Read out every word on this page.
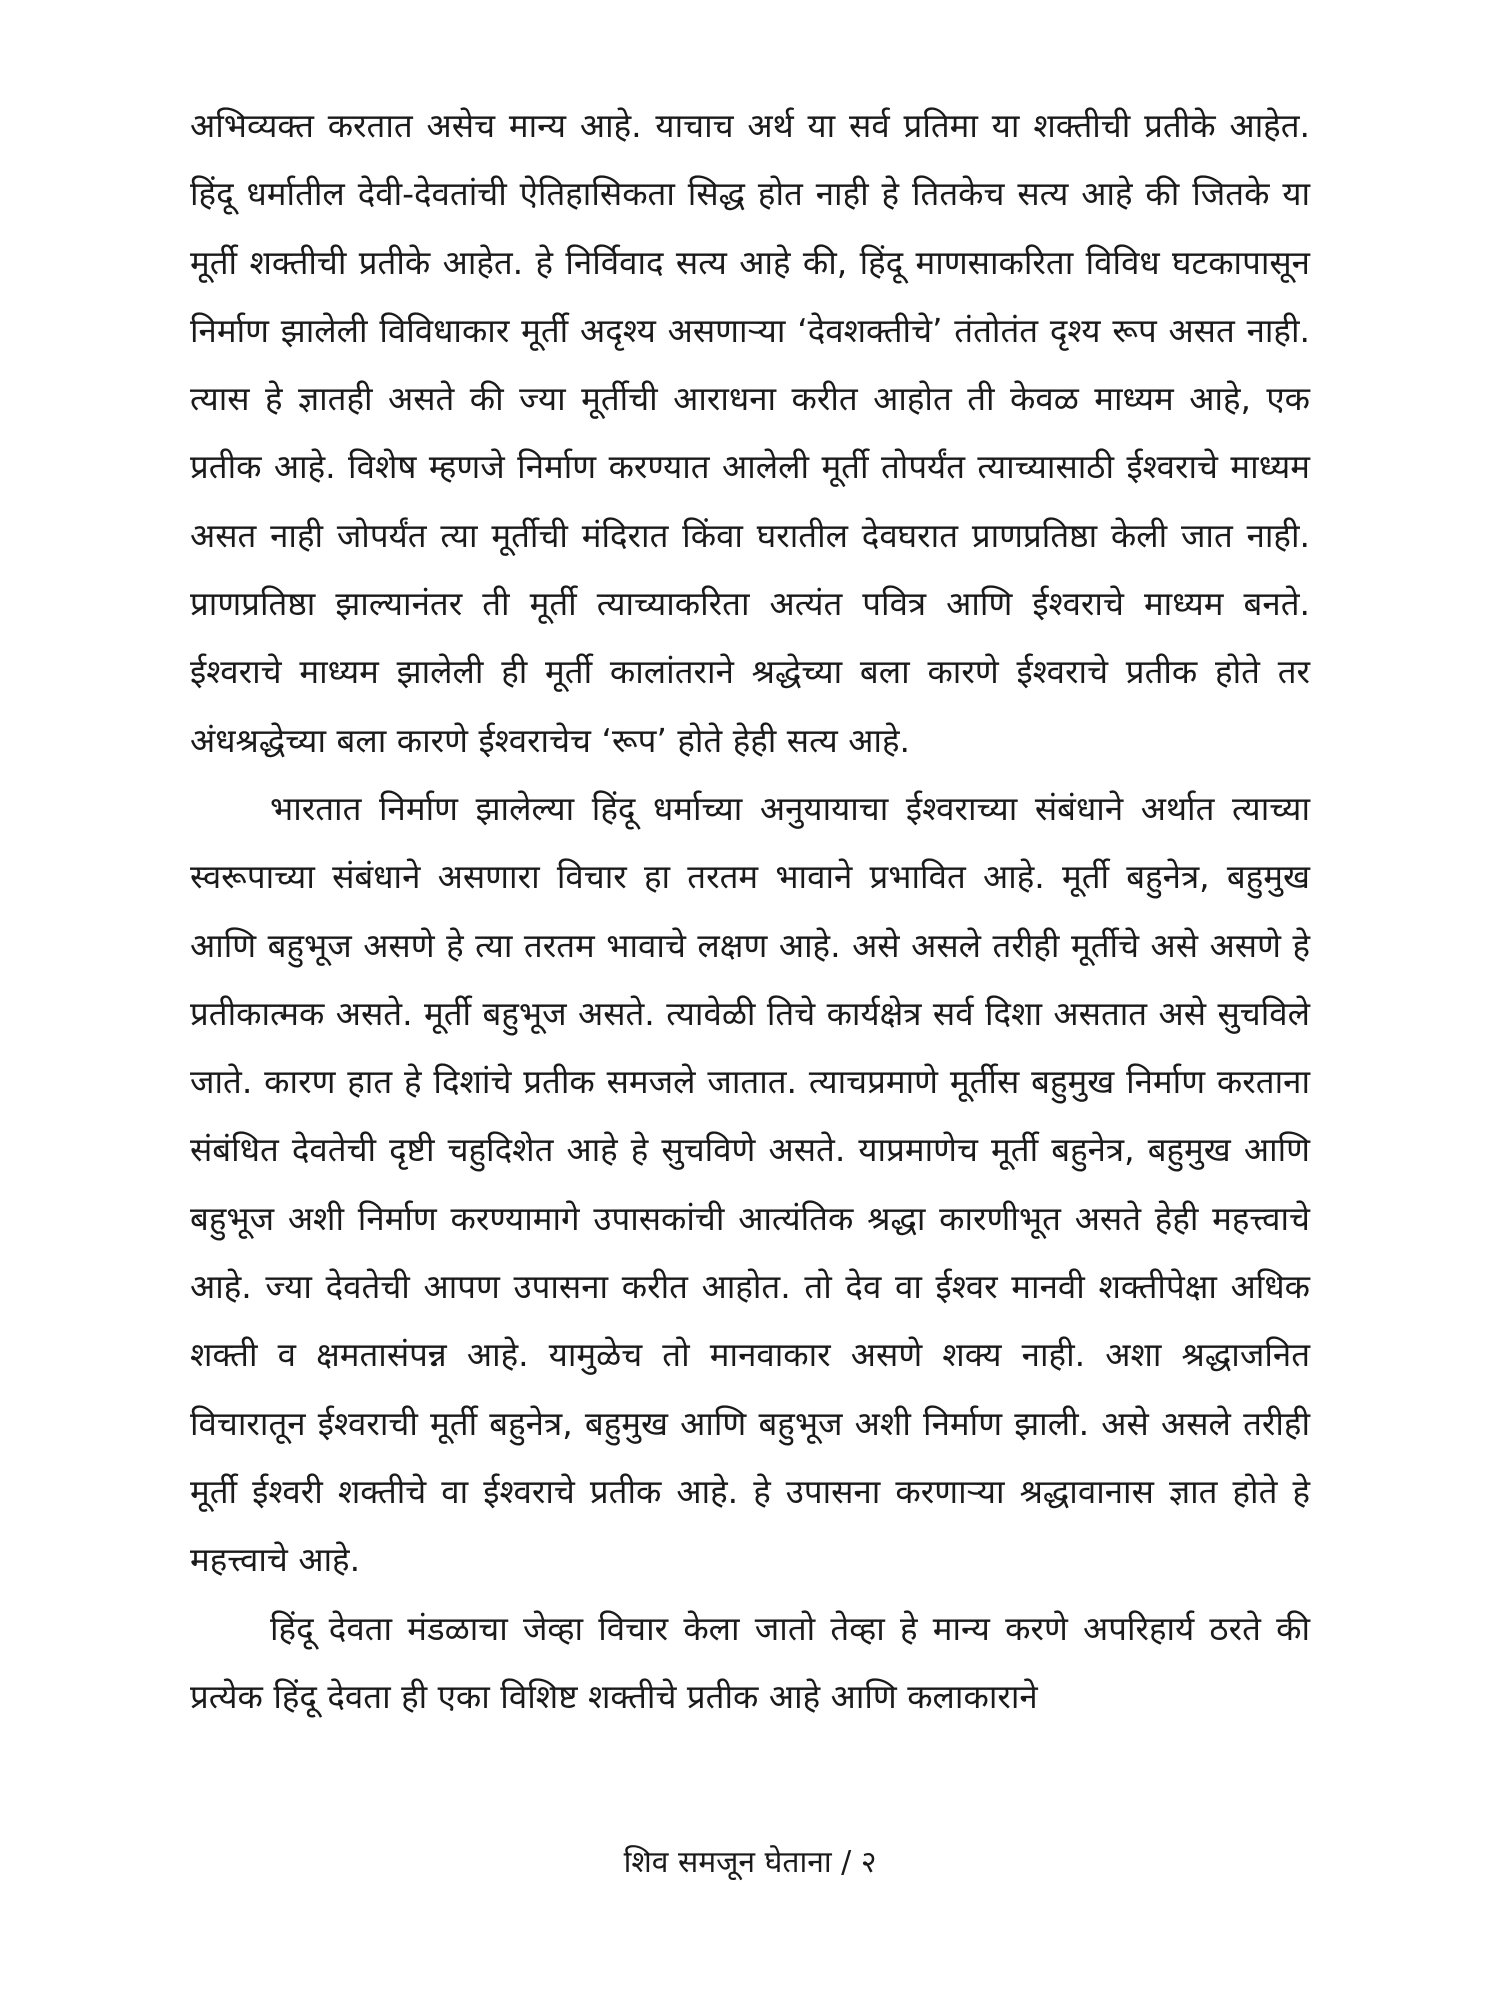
अभिव्यक्त करतात असेच मान्य आहे. याचाच अर्थ या सर्व प्रतिमा या शक्तीची प्रतीके आहेत. हिंदू धर्मातील देवी-देवतांची ऐतिहासिकता सिद्ध होत नाही हे तितकेच सत्य आहे की जितके या मूर्ती शक्तीची प्रतीके आहेत. हे निर्विवाद सत्य आहे की, हिंदू माणसाकरिता विविध घटकापासून निर्माण झालेली विविधाकार मूर्ती अदृश्य असणाऱ्या ‘देवशक्तीचे’ तंतोतंत दृश्य रूप असत नाही. त्यास हे ज्ञातही असते की ज्या मूर्तीची आराधना करीत आहोत ती केवळ माध्यम आहे, एक प्रतीक आहे. विशेष म्हणजे निर्माण करण्यात आलेली मूर्ती तोपर्यंत त्याच्यासाठी ईश्वराचे माध्यम असत नाही जोपर्यंत त्या मूर्तीची मंदिरात किंवा घरातील देवघरात प्राणप्रतिष्ठा केली जात नाही. प्राणप्रतिष्ठा झाल्यानंतर ती मूर्ती त्याच्याकरिता अत्यंत पवित्र आणि ईश्वराचे माध्यम बनते. ईश्वराचे माध्यम झालेली ही मूर्ती कालांतराने श्रद्धेच्या बला कारणे ईश्वराचे प्रतीक होते तर अंधश्रद्धेच्या बला कारणे ईश्वराचेच ‘रूप’ होते हेही सत्य आहे.

भारतात निर्माण झालेल्या हिंदू धर्माच्या अनुयायाचा ईश्वराच्या संबंधाने अर्थात त्याच्या स्वरूपाच्या संबंधाने असणारा विचार हा तरतम भावाने प्रभावित आहे. मूर्ती बहुनेत्र, बहुमुख आणि बहुभूज असणे हे त्या तरतम भावाचे लक्षण आहे. असे असले तरीही मूर्तीचे असे असणे हे प्रतीकात्मक असते. मूर्ती बहुभूज असते. त्यावेळी तिचे कार्यक्षेत्र सर्व दिशा असतात असे सुचविले जाते. कारण हात हे दिशांचे प्रतीक समजले जातात. त्याचप्रमाणे मूर्तीस बहुमुख निर्माण करताना संबंधित देवतेची दृष्टी चहुदिशेत आहे हे सुचविणे असते. याप्रमाणेच मूर्ती बहुनेत्र, बहुमुख आणि बहुभूज अशी निर्माण करण्यामागे उपासकांची आत्यंतिक श्रद्धा कारणीभूत असते हेही महत्त्वाचे आहे. ज्या देवतेची आपण उपासना करीत आहोत. तो देव वा ईश्वर मानवी शक्तीपेक्षा अधिक शक्ती व क्षमतासंपन्न आहे. यामुळेच तो मानवाकार असणे शक्य नाही. अशा श्रद्धाजनित विचारातून ईश्वराची मूर्ती बहुनेत्र, बहुमुख आणि बहुभूज अशी निर्माण झाली. असे असले तरीही मूर्ती ईश्वरी शक्तीचे वा ईश्वराचे प्रतीक आहे. हे उपासना करणाऱ्या श्रद्धावानास ज्ञात होते हे महत्त्वाचे आहे.

हिंदू देवता मंडळाचा जेव्हा विचार केला जातो तेव्हा हे मान्य करणे अपरिहार्य ठरते की प्रत्येक हिंदू देवता ही एका विशिष्ट शक्तीचे प्रतीक आहे आणि कलाकाराने

शिव समजून घेताना / २
